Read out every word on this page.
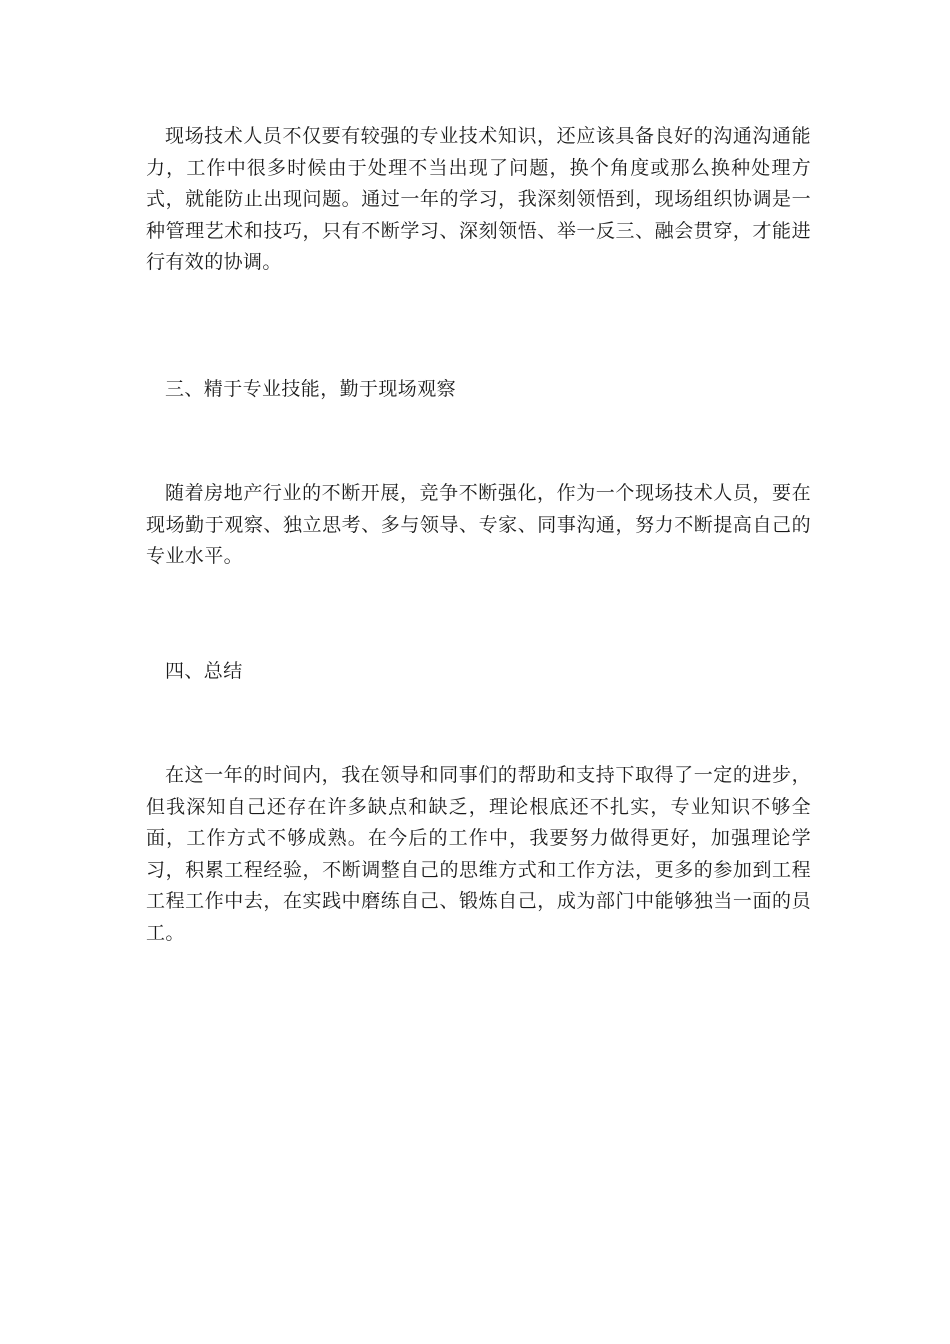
现场技术人员不仅要有较强的专业技术知识，还应该具备良好的沟通沟通能力，工作中很多时候由于处理不当出现了问题，换个角度或那么换种处理方式，就能防止出现问题。通过一年的学习，我深刻领悟到，现场组织协调是一种管理艺术和技巧，只有不断学习、深刻领悟、举一反三、融会贯穿，才能进行有效的协调。

三、精于专业技能，勤于现场观察

随着房地产行业的不断开展，竞争不断强化，作为一个现场技术人员，要在现场勤于观察、独立思考、多与领导、专家、同事沟通，努力不断提高自己的专业水平。

四、总结

在这一年的时间内，我在领导和同事们的帮助和支持下取得了一定的进步，但我深知自己还存在许多缺点和缺乏，理论根底还不扎实，专业知识不够全面，工作方式不够成熟。在今后的工作中，我要努力做得更好，加强理论学习，积累工程经验，不断调整自己的思维方式和工作方法，更多的参加到工程工程工作中去，在实践中磨练自己、锻炼自己，成为部门中能够独当一面的员工。
